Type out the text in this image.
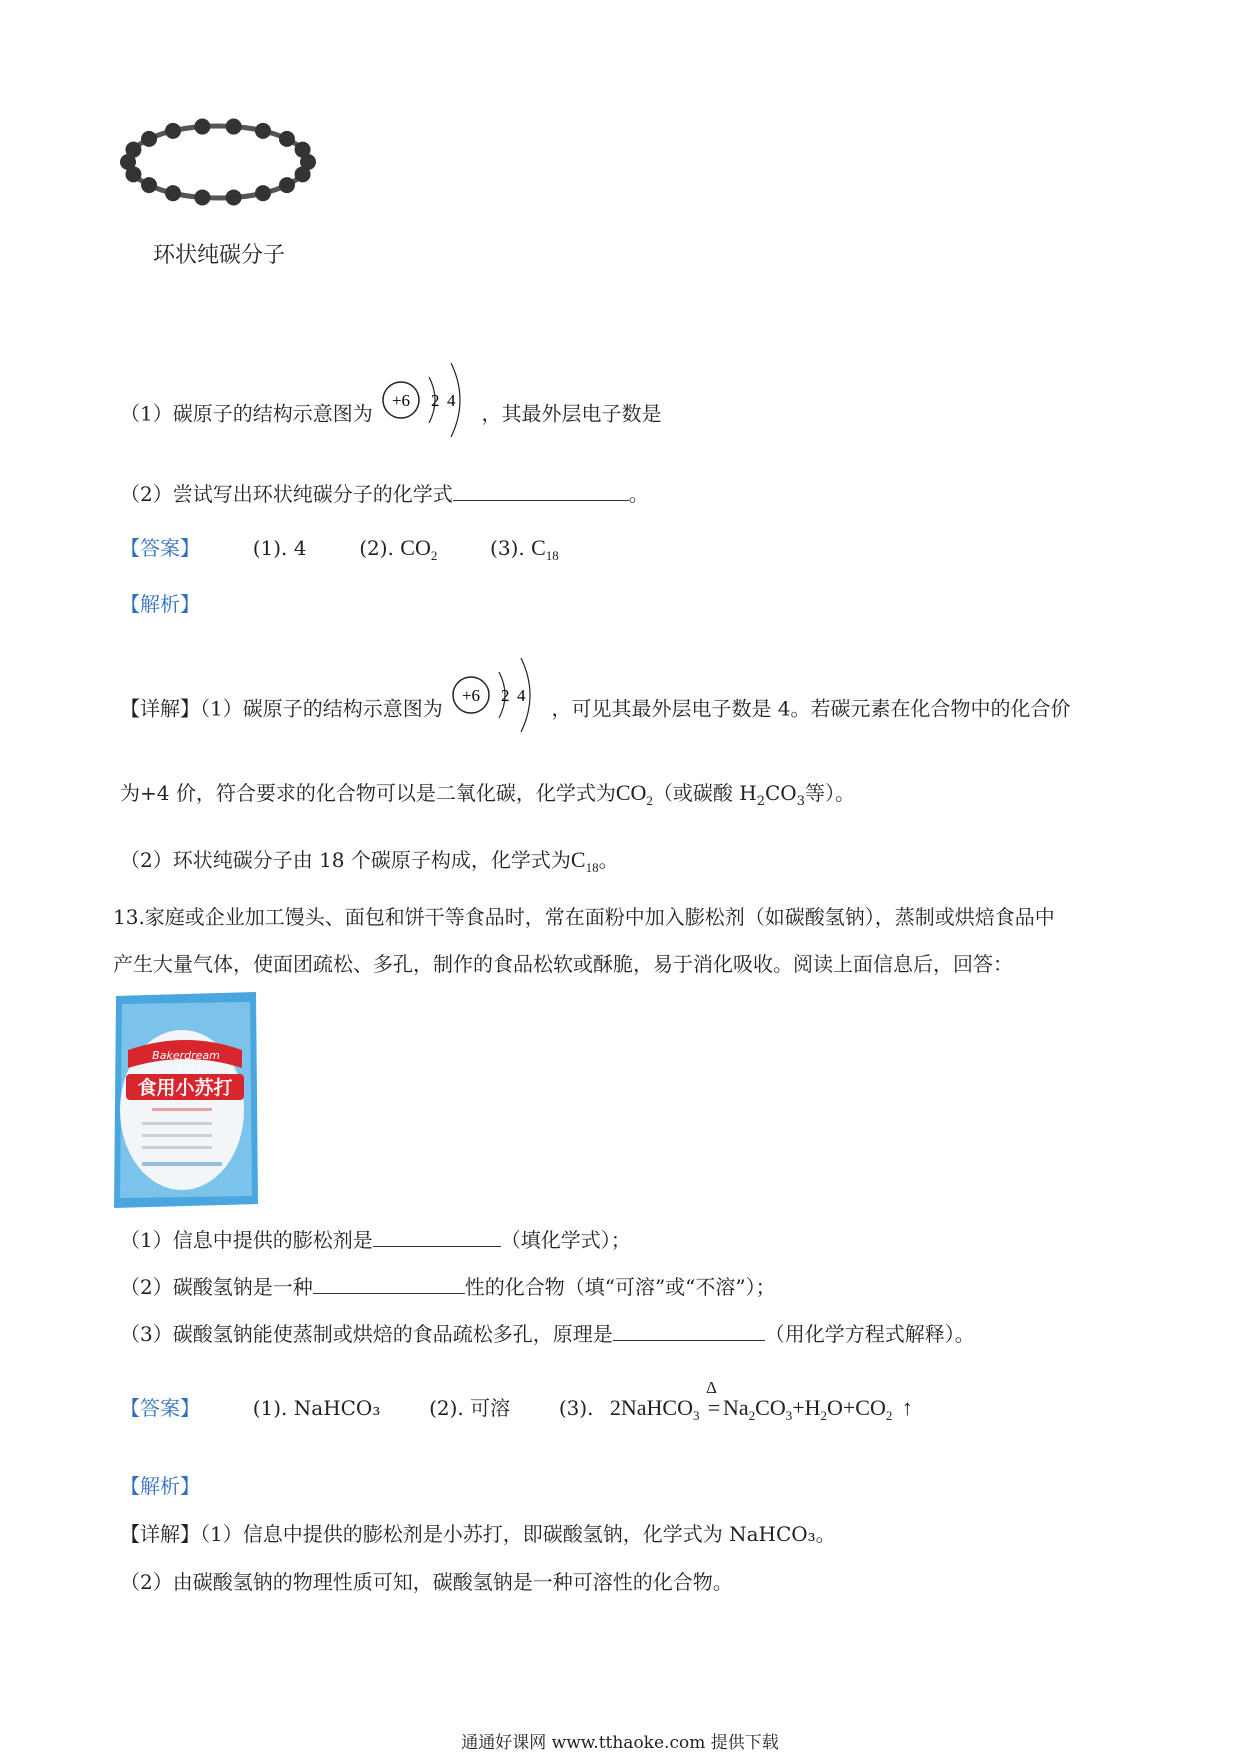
环状纯碳分子
（1）碳原子的结构示意图为
+6 2 4
，其最外层电子数是
（2）尝试写出环状纯碳分子的化学式	。
【答案】	(1). 4	(2). $CO_2$	(3). $C_{18}$
【解析】
【详解】（1）碳原子的结构示意图为
+6 2 4
，可见其最外层电子数是 4。若碳元素在化合物中的化合价
为+4 价，符合要求的化合物可以是二氧化碳，化学式为$CO_2$（或碳酸 $H_2CO_3$等）。
（2）环状纯碳分子由 18 个碳原子构成，化学式为$C_{18}$。
13.家庭或企业加工馒头、面包和饼干等食品时，常在面粉中加入膨松剂（如碳酸氢钠），蒸制或烘焙食品中
产生大量气体，使面团疏松、多孔，制作的食品松软或酥脆，易于消化吸收。阅读上面信息后，回答：
Bakerdream
百钻
食用小苏打
（1）信息中提供的膨松剂是	（填化学式）；
（2）碳酸氢钠是一种	性的化合物（填“可溶”或“不溶”）；
（3）碳酸氢钠能使蒸制或烘焙的食品疏松多孔，原理是	（用化学方程式解释）。
【答案】	(1). NaHCO₃ (2). 可溶 (3). 2NaHCO$_3$
Δ
= $Na_2CO_3+H_2O+CO_2$ ↑
【解析】
【详解】（1）信息中提供的膨松剂是小苏打，即碳酸氢钠，化学式为 NaHCO₃。
（2）由碳酸氢钠的物理性质可知，碳酸氢钠是一种可溶性的化合物。
通通好课网 www.tthaoke.com 提供下载
